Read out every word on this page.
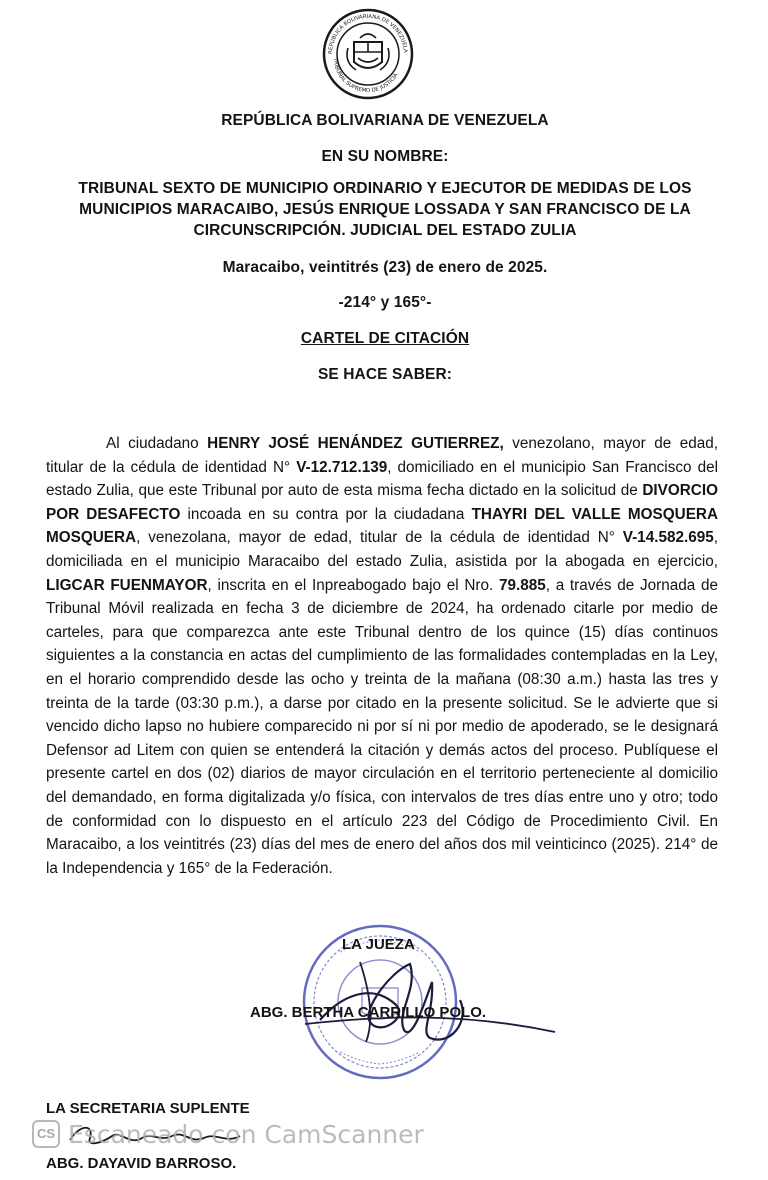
REPÚBLICA BOLIVARIANA DE VENEZUELA
TRIBUNAL SUPREMO DE JUSTICIA
REPÚBLICA BOLIVARIANA DE VENEZUELA
EN SU NOMBRE:
TRIBUNAL SEXTO DE MUNICIPIO ORDINARIO Y EJECUTOR DE MEDIDAS DE LOS MUNICIPIOS MARACAIBO, JESÚS ENRIQUE LOSSADA Y SAN FRANCISCO DE LA CIRCUNSCRIPCIÓN. JUDICIAL DEL ESTADO ZULIA
Maracaibo, veintitrés (23) de enero de 2025.
-214° y 165°-
CARTEL DE CITACIÓN
SE HACE SABER:
Al ciudadano HENRY JOSÉ HENÁNDEZ GUTIERREZ, venezolano, mayor de edad, titular de la cédula de identidad N° V-12.712.139, domiciliado en el municipio San Francisco del estado Zulia, que este Tribunal por auto de esta misma fecha dictado en la solicitud de DIVORCIO POR DESAFECTO incoada en su contra por la ciudadana THAYRI DEL VALLE MOSQUERA MOSQUERA, venezolana, mayor de edad, titular de la cédula de identidad N° V-14.582.695, domiciliada en el municipio Maracaibo del estado Zulia, asistida por la abogada en ejercicio, LIGCAR FUENMAYOR, inscrita en el Inpreabogado bajo el Nro. 79.885, a través de Jornada de Tribunal Móvil realizada en fecha 3 de diciembre de 2024, ha ordenado citarle por medio de carteles, para que comparezca ante este Tribunal dentro de los quince (15) días continuos siguientes a la constancia en actas del cumplimiento de las formalidades contempladas en la Ley, en el horario comprendido desde las ocho y treinta de la mañana (08:30 a.m.) hasta las tres y treinta de la tarde (03:30 p.m.), a darse por citado en la presente solicitud. Se le advierte que si vencido dicho lapso no hubiere comparecido ni por sí ni por medio de apoderado, se le designará Defensor ad Litem con quien se entenderá la citación y demás actos del proceso. Publíquese el presente cartel en dos (02) diarios de mayor circulación en el territorio perteneciente al domicilio del demandado, en forma digitalizada y/o física, con intervalos de tres días entre uno y otro; todo de conformidad con lo dispuesto en el artículo 223 del Código de Procedimiento Civil. En Maracaibo, a los veintitrés (23) días del mes de enero del años dos mil veinticinco (2025). 214° de la Independencia y 165° de la Federación.
LA JUEZA
ABG. BERTHA CARRILLO POLO.
LA SECRETARIA SUPLENTE
CS Escaneado con CamScanner
ABG. DAYAVID BARROSO.
